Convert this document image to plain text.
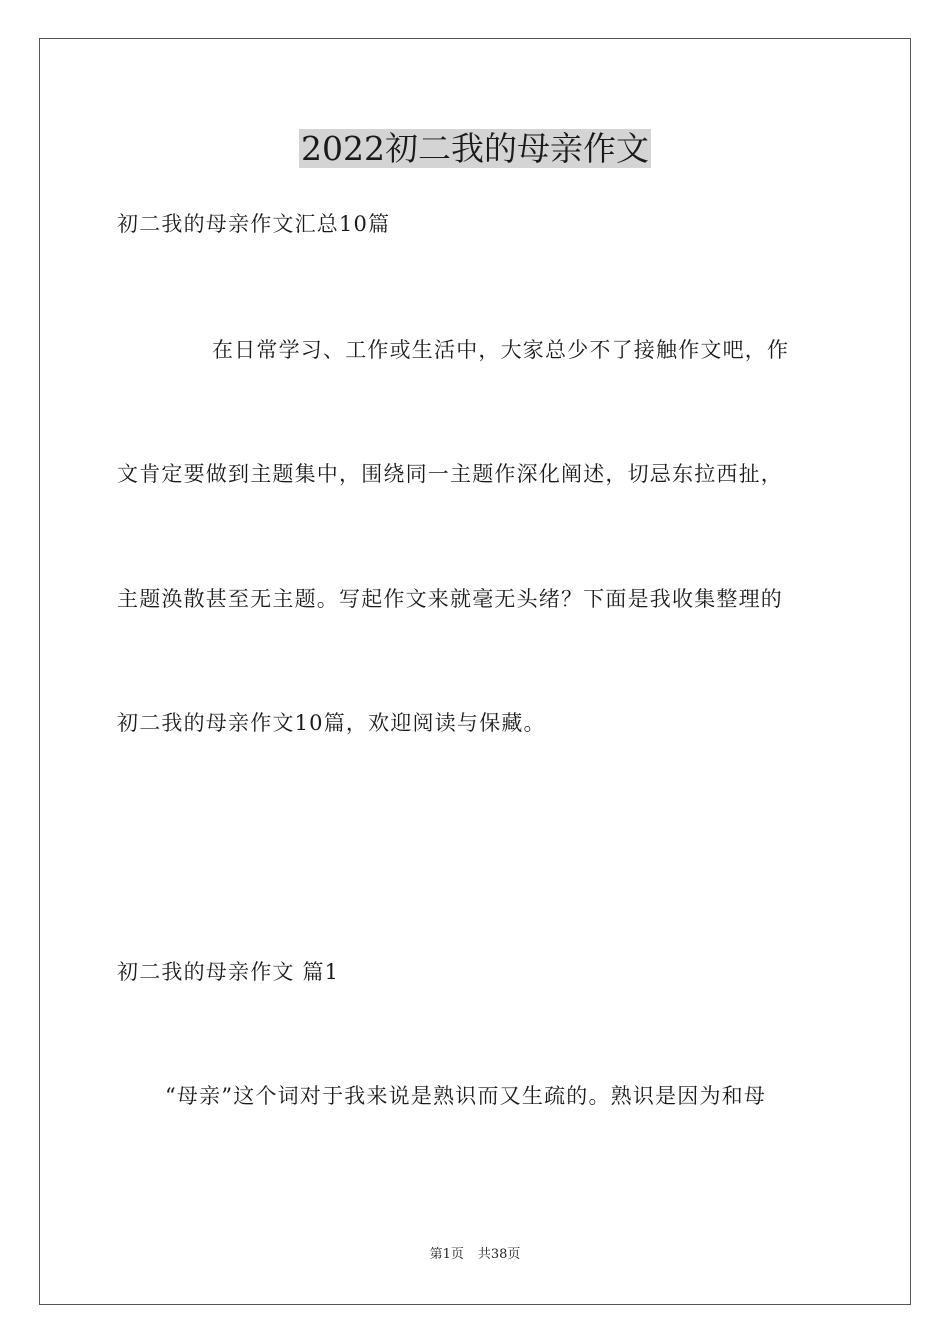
2022初二我的母亲作文
初二我的母亲作文汇总10篇
在日常学习、工作或生活中，大家总少不了接触作文吧，作
文肯定要做到主题集中，围绕同一主题作深化阐述，切忌东拉西扯，
主题涣散甚至无主题。写起作文来就毫无头绪？下面是我收集整理的
初二我的母亲作文10篇，欢迎阅读与保藏。
初二我的母亲作文 篇1
“母亲”这个词对于我来说是熟识而又生疏的。熟识是因为和母
第1页 共38页
